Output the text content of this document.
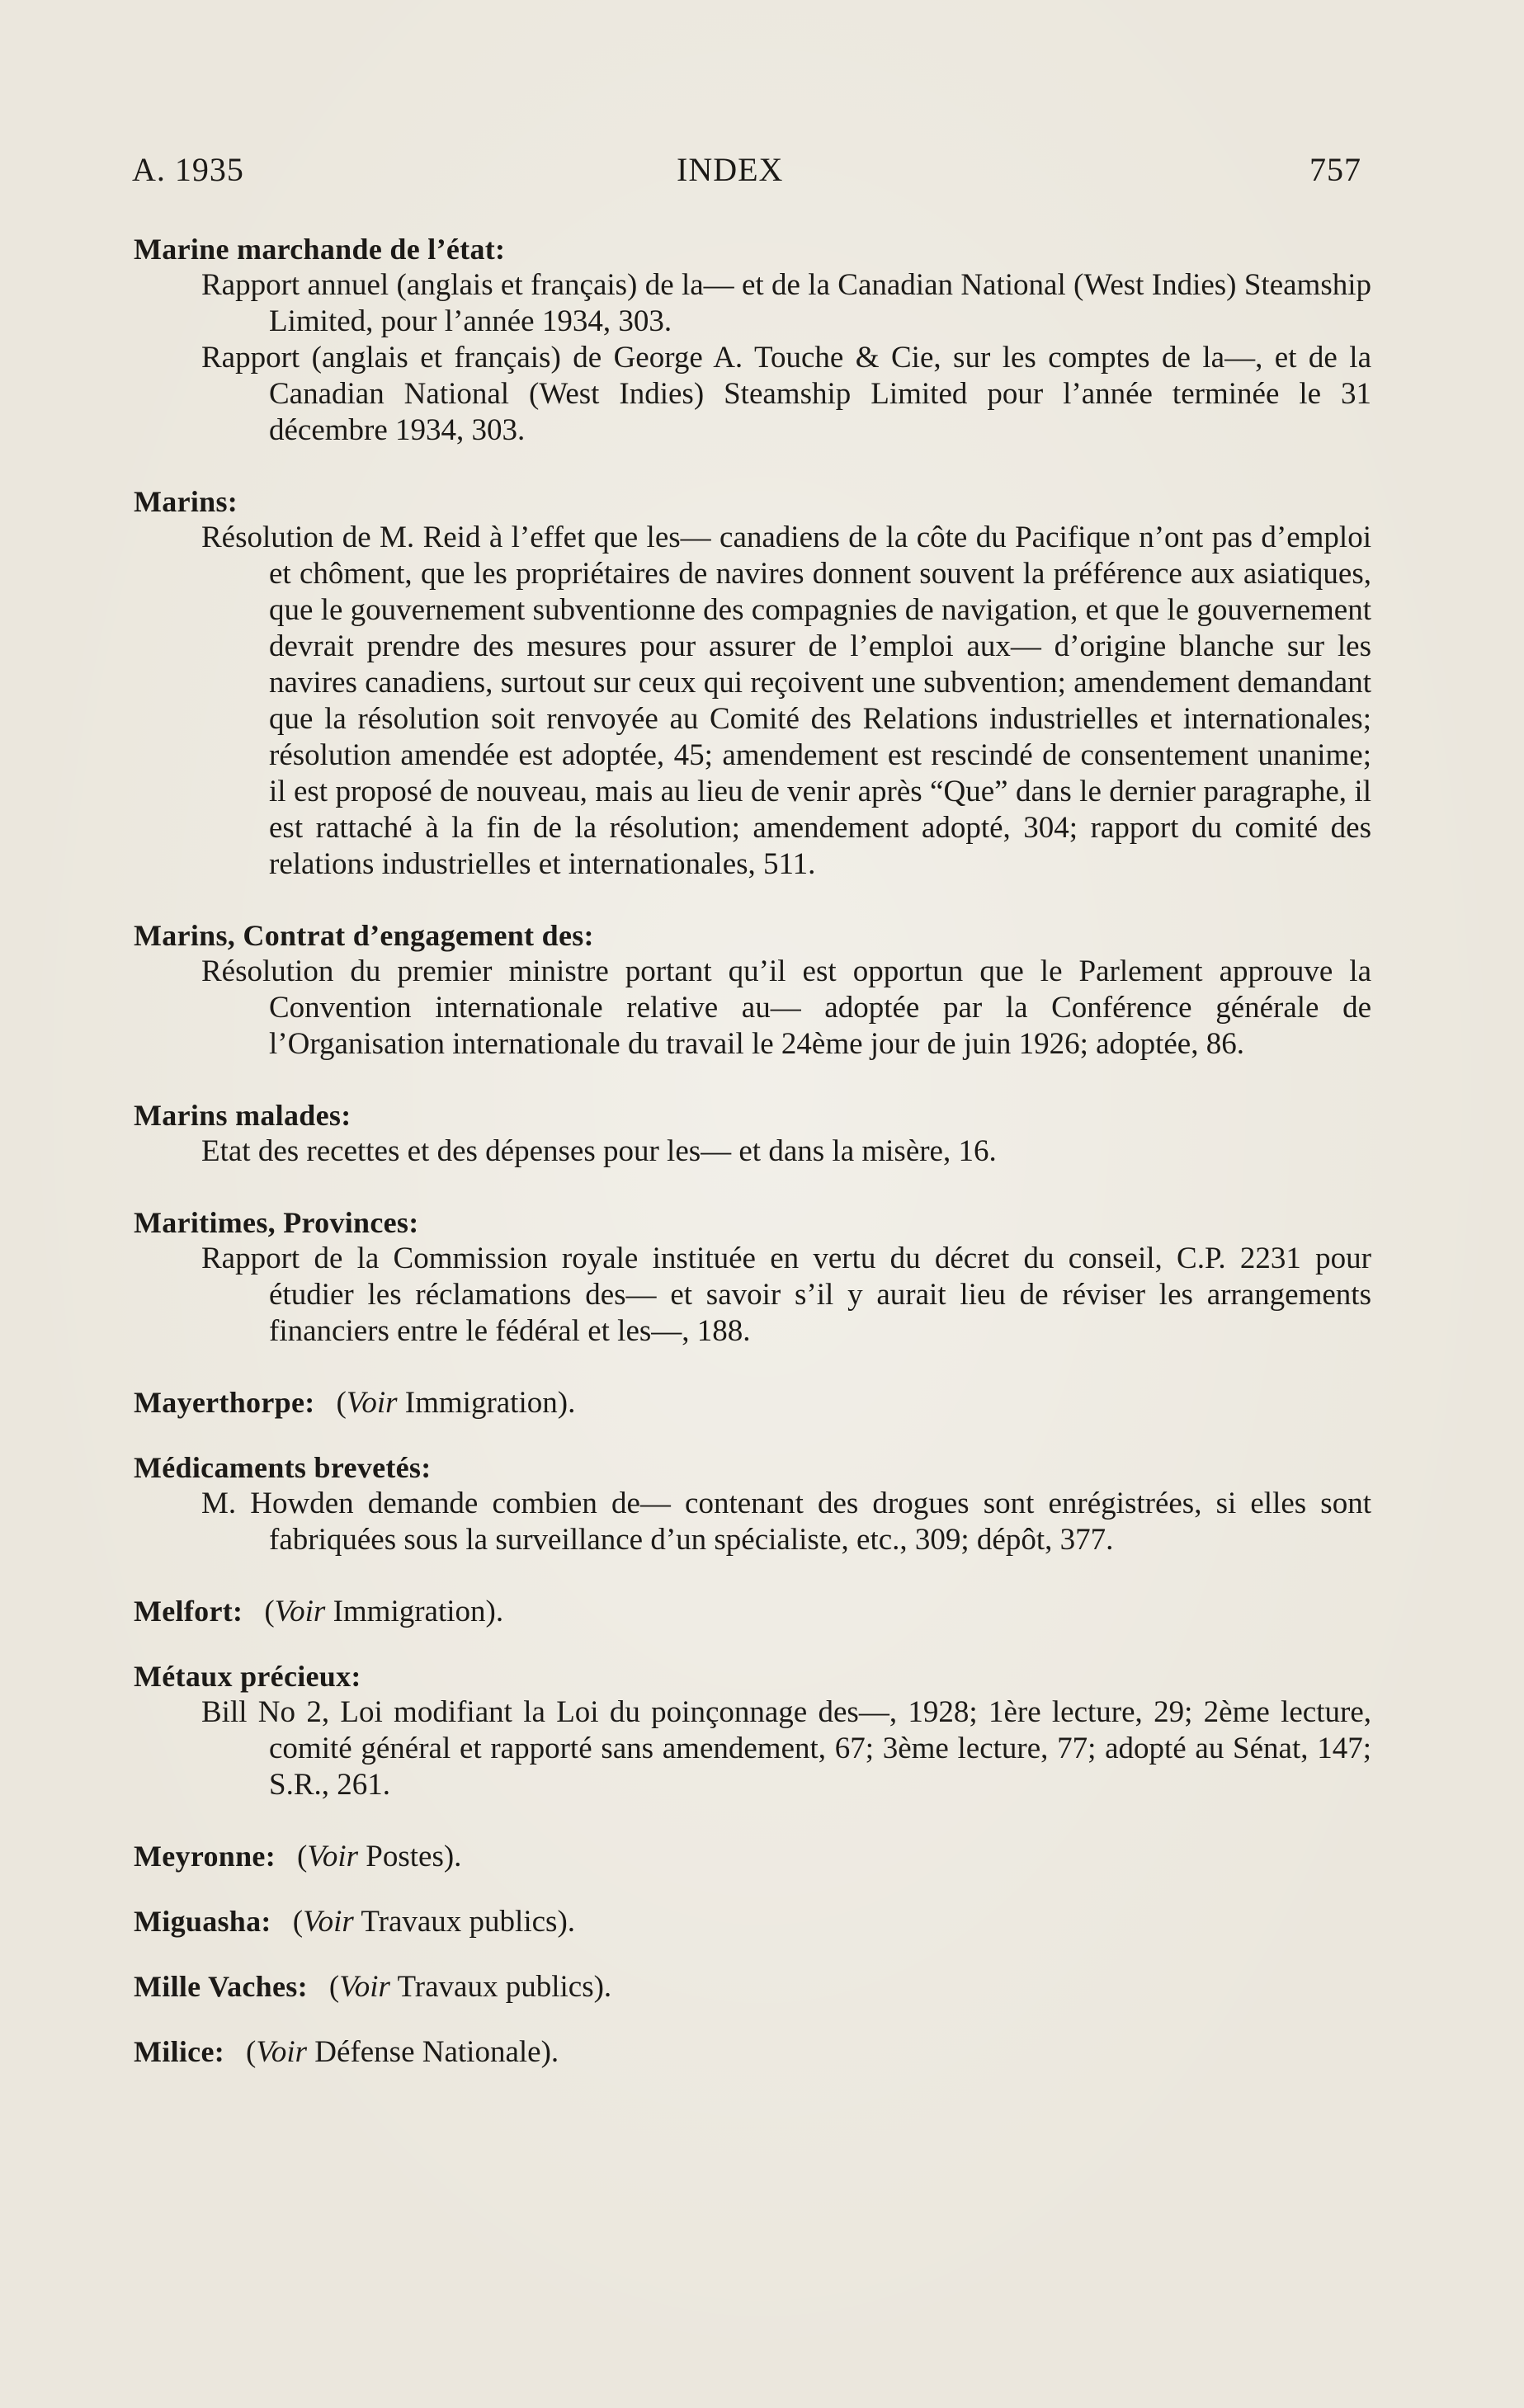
A. 1935	INDEX	757
Marine marchande de l’état:

Rapport annuel (anglais et français) de la— et de la Canadian National (West Indies) Steamship Limited, pour l’année 1934, 303.

Rapport (anglais et français) de George A. Touche & Cie, sur les comptes de la—, et de la Canadian National (West Indies) Steamship Limited pour l’année terminée le 31 décembre 1934, 303.

Marins:

Résolution de M. Reid à l’effet que les— canadiens de la côte du Pacifique n’ont pas d’emploi et chôment, que les propriétaires de navires donnent souvent la préférence aux asiatiques, que le gouvernement subventionne des compagnies de navigation, et que le gouvernement devrait prendre des mesures pour assurer de l’emploi aux— d’origine blanche sur les navires canadiens, surtout sur ceux qui reçoivent une subvention; amendement demandant que la résolution soit renvoyée au Comité des Relations industrielles et internationales; résolution amendée est adoptée, 45; amendement est rescindé de consentement unanime; il est proposé de nouveau, mais au lieu de venir après “Que” dans le dernier paragraphe, il est rattaché à la fin de la résolution; amendement adopté, 304; rapport du comité des relations industrielles et internationales, 511.

Marins, Contrat d’engagement des:

Résolution du premier ministre portant qu’il est opportun que le Parlement approuve la Convention internationale relative au— adoptée par la Conférence générale de l’Organisation internationale du travail le 24ème jour de juin 1926; adoptée, 86.

Marins malades:

Etat des recettes et des dépenses pour les— et dans la misère, 16.

Maritimes, Provinces:

Rapport de la Commission royale instituée en vertu du décret du conseil, C.P. 2231 pour étudier les réclamations des— et savoir s’il y aurait lieu de réviser les arrangements financiers entre le fédéral et les—, 188.

Mayerthorpe: (Voir Immigration).
Médicaments brevetés:

M. Howden demande combien de— contenant des drogues sont enrégistrées, si elles sont fabriquées sous la surveillance d’un spécialiste, etc., 309; dépôt, 377.

Melfort: (Voir Immigration).
Métaux précieux:

Bill No 2, Loi modifiant la Loi du poinçonnage des—, 1928; 1ère lecture, 29; 2ème lecture, comité général et rapporté sans amendement, 67; 3ème lecture, 77; adopté au Sénat, 147; S.R., 261.

Meyronne: (Voir Postes).
Miguasha: (Voir Travaux publics).
Mille Vaches: (Voir Travaux publics).
Milice: (Voir Défense Nationale).
